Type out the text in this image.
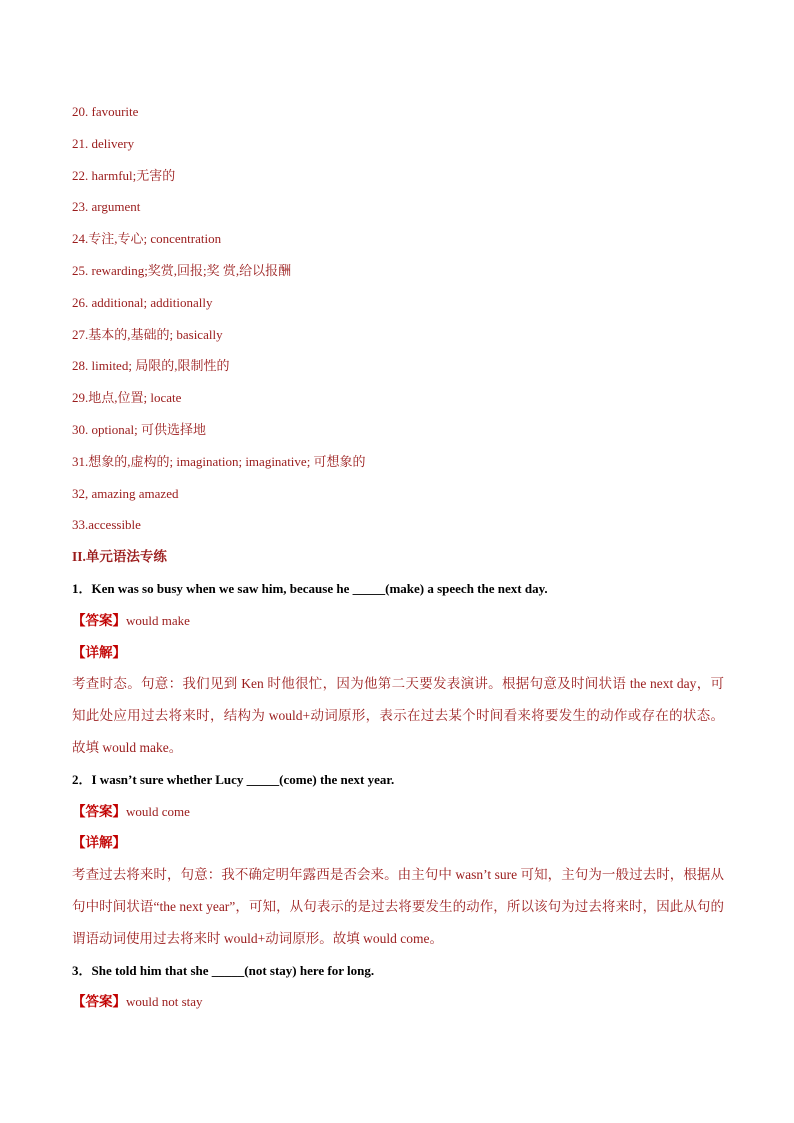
20. favourite
21. delivery
22. harmful;无害的
23. argument
24.专注,专心; concentration
25. rewarding;奖赏,回报;奖 赏,给以报酬
26. additional; additionally
27.基本的,基础的; basically
28. limited; 局限的,限制性的
29.地点,位置; locate
30. optional; 可供选择地
31.想象的,虚构的; imagination; imaginative; 可想象的
32, amazing amazed
33.accessible
II.单元语法专练
1．Ken was so busy when we saw him, because he _____(make) a speech the next day.
【答案】would make
【详解】
考查时态。句意：我们见到 Ken 时他很忙，因为他第二天要发表演讲。根据句意及时间状语 the next day，可知此处应用过去将来时，结构为 would+动词原形，表示在过去某个时间看来将要发生的动作或存在的状态。故填 would make。
2．I wasn’t sure whether Lucy _____(come) the next year.
【答案】would come
【详解】
考查过去将来时，句意：我不确定明年露西是否会来。由主句中 wasn’t sure 可知，主句为一般过去时，根据从句中时间状语“the next year”，可知，从句表示的是过去将要发生的动作，所以该句为过去将来时，因此从句的谓语动词使用过去将来时 would+动词原形。故填 would come。
3．She told him that she _____(not stay) here for long.
【答案】would not stay
